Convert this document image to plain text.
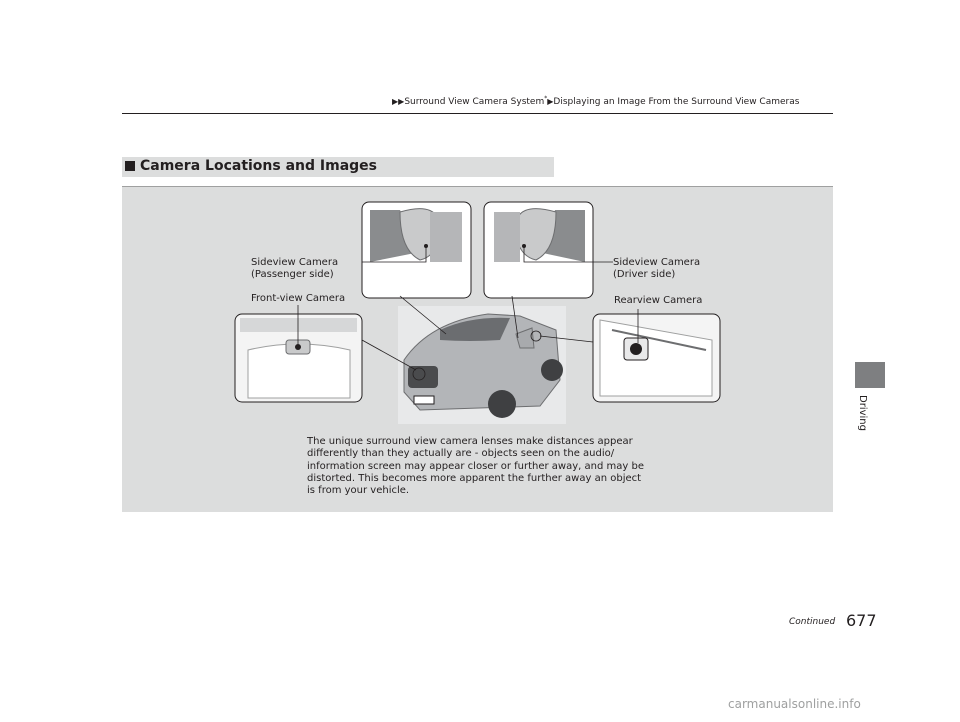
▶▶Surround View Camera System*▶Displaying an Image From the Surround View Cameras
Camera Locations and Images
Sideview Camera
(Passenger side)
Sideview Camera
(Driver side)
Front-view Camera	Rearview Camera
The unique surround view camera lenses make distances appear differently than they actually are - objects seen on the audio/ information screen may appear closer or further away, and may be distorted. This becomes more apparent the further away an object is from your vehicle.
Driving
Continued 677
carmanualsonline.info
